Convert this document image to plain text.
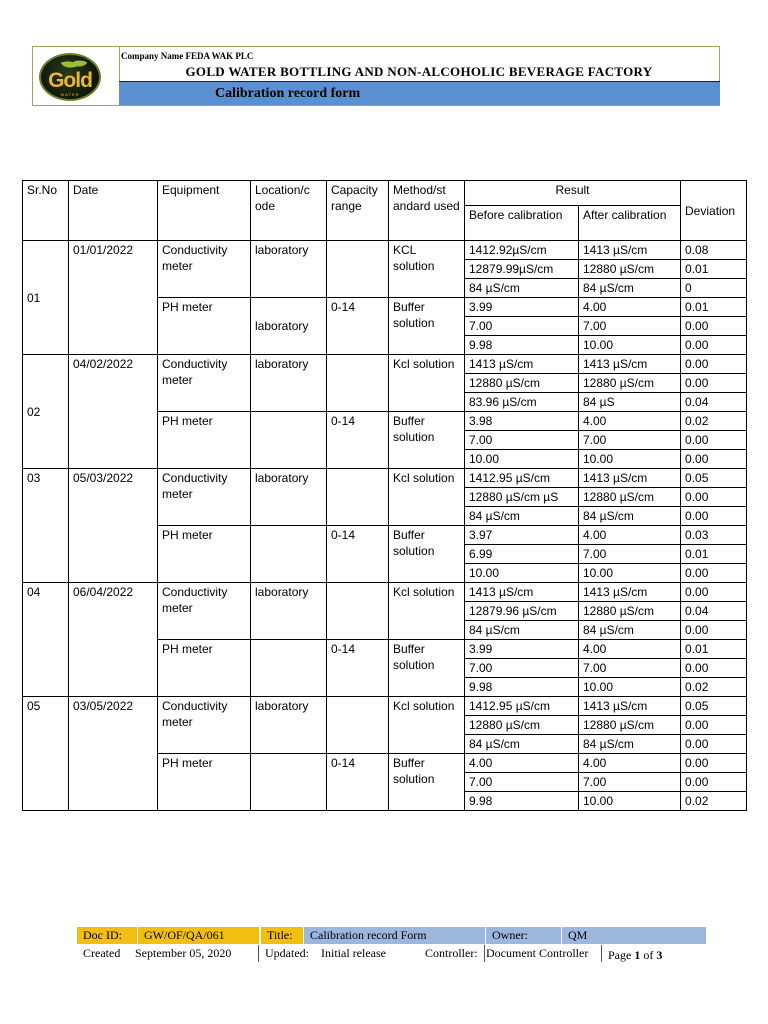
Gold
WATER
Company Name FEDA WAK PLC
GOLD WATER BOTTLING AND NON-ALCOHOLIC BEVERAGE FACTORY
Calibration record form
Sr.No	Date	Equipment	Location/c ode	Capacity range	Method/st andard used	Result		Deviation
						Before calibration	After calibration	
01	01/01/2022	Conductivity meter	laboratory		KCL solution	1412.92µS/cm	1413 µS/cm	0.08
						12879.99µS/cm	12880 µS/cm	0.01
						84 µS/cm	84 µS/cm	0
		PH meter	laboratory	0-14	Buffer solution	3.99	4.00	0.01
						7.00	7.00	0.00
						9.98	10.00	0.00
02	04/02/2022	Conductivity meter	laboratory		Kcl solution	1413 µS/cm	1413 µS/cm	0.00
						12880 µS/cm	12880 µS/cm	0.00
						83.96 µS/cm	84 µS	0.04
		PH meter		0-14	Buffer solution	3.98	4.00	0.02
						7.00	7.00	0.00
						10.00	10.00	0.00
03	05/03/2022	Conductivity meter	laboratory		Kcl solution	1412.95 µS/cm	1413 µS/cm	0.05
						12880 µS/cm µS	12880 µS/cm	0.00
						84 µS/cm	84 µS/cm	0.00
		PH meter		0-14	Buffer solution	3.97	4.00	0.03
						6.99	7.00	0.01
						10.00	10.00	0.00
04	06/04/2022	Conductivity meter	laboratory		Kcl solution	1413 µS/cm	1413 µS/cm	0.00
						12879.96 µS/cm	12880 µS/cm	0.04
						84 µS/cm	84 µS/cm	0.00
		PH meter		0-14	Buffer solution	3.99	4.00	0.01
						7.00	7.00	0.00
						9.98	10.00	0.02
05	03/05/2022	Conductivity meter	laboratory		Kcl solution	1412.95 µS/cm	1413 µS/cm	0.05
						12880 µS/cm	12880 µS/cm	0.00
						84 µS/cm	84 µS/cm	0.00
		PH meter		0-14	Buffer solution	4.00	4.00	0.00
						7.00	7.00	0.00
						9.98	10.00	0.02
Doc ID:	GW/OF/QA/061	Title:	Calibration record Form	Owner:	QM
Created	September 05, 2020	Updated:	Initial release	Controller: Document Controller	Page 1 of 3
